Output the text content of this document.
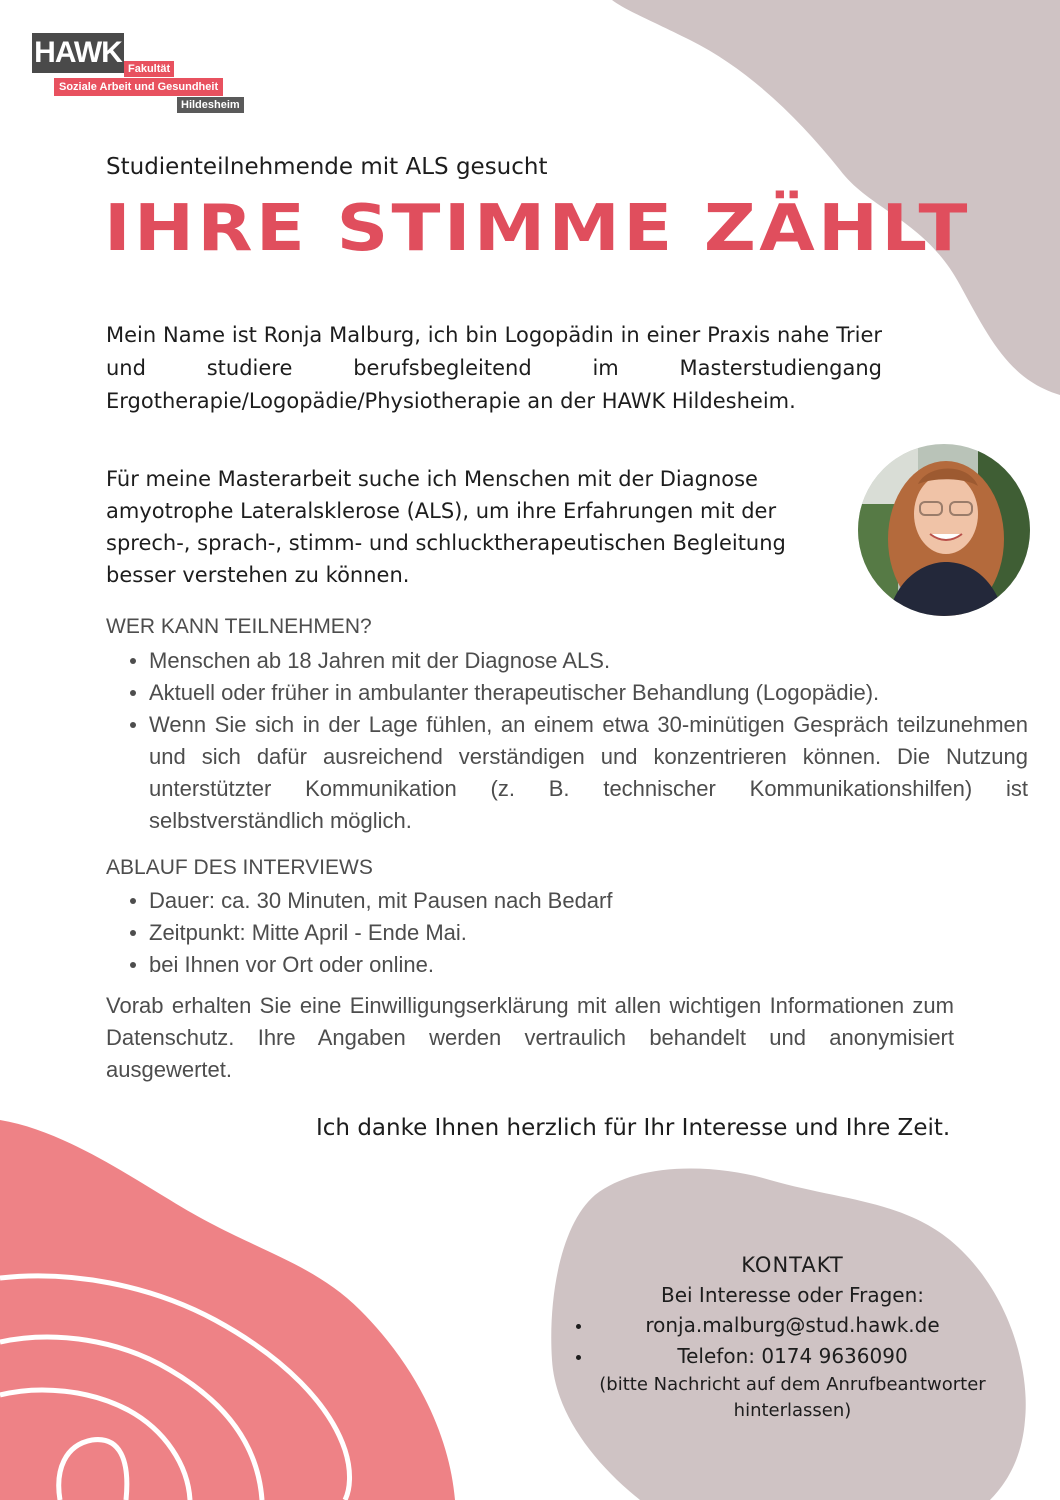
HAWK Fakultät
Soziale Arbeit und Gesundheit
Hildesheim
Studienteilnehmende mit ALS gesucht
IHRE STIMME ZÄHLT
Mein Name ist Ronja Malburg, ich bin Logopädin in einer Praxis nahe Trier und studiere berufsbegleitend im Masterstudiengang Ergotherapie/Logopädie/Physiotherapie an der HAWK Hildesheim.
Für meine Masterarbeit suche ich Menschen mit der Diagnose amyotrophe Lateralsklerose (ALS), um ihre Erfahrungen mit der sprech-, sprach-, stimm- und schlucktherapeutischen Begleitung besser verstehen zu können.
WER KANN TEILNEHMEN?
Menschen ab 18 Jahren mit der Diagnose ALS.
Aktuell oder früher in ambulanter therapeutischer Behandlung (Logopädie).
Wenn Sie sich in der Lage fühlen, an einem etwa 30-minütigen Gespräch teilzunehmen und sich dafür ausreichend verständigen und konzentrieren können. Die Nutzung unterstützter Kommunikation (z. B. technischer Kommunikationshilfen) ist selbstverständlich möglich.
ABLAUF DES INTERVIEWS
Dauer: ca. 30 Minuten, mit Pausen nach Bedarf
Zeitpunkt: Mitte April - Ende Mai.
bei Ihnen vor Ort oder online.
Vorab erhalten Sie eine Einwilligungserklärung mit allen wichtigen Informationen zum Datenschutz. Ihre Angaben werden vertraulich behandelt und anonymisiert ausgewertet.
Ich danke Ihnen herzlich für Ihr Interesse und Ihre Zeit.
KONTAKT
Bei Interesse oder Fragen:
ronja.malburg@stud.hawk.de
Telefon: 0174 9636090
(bitte Nachricht auf dem Anrufbeantworter hinterlassen)
